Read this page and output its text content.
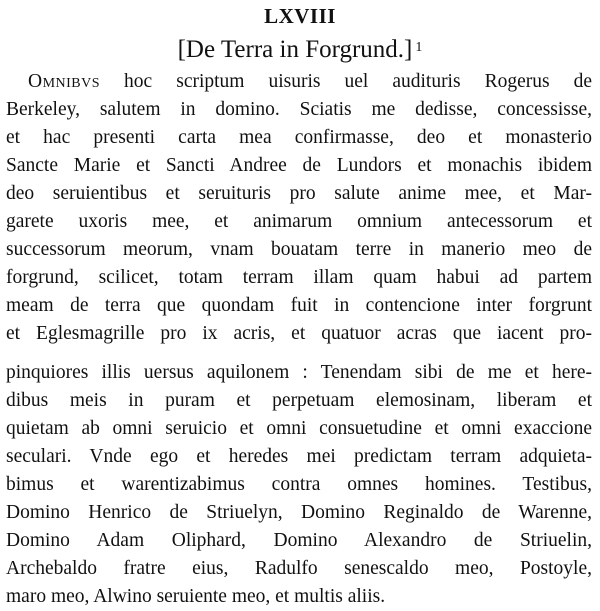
LXVIII
[De Terra in Forgrund.] $^1$
Omnibvs hoc scriptum uisuris uel audituris Rogerus de
Berkeley, salutem in domino. Sciatis me dedisse, concessisse,
et hac presenti carta mea confirmasse, deo et monasterio
Sancte Marie et Sancti Andree de Lundors et monachis ibidem
deo seruientibus et seruituris pro salute anime mee, et Mar-
garete uxoris mee, et animarum omnium antecessorum et
successorum meorum, vnam bouatam terre in manerio meo de
forgrund, scilicet, totam terram illam quam habui ad partem
meam de terra que quondam fuit in contencione inter forgrunt
et Eglesmagrille pro ix acris, et quatuor acras que iacent pro-
pinquiores illis uersus aquilonem : Tenendam sibi de me et here-
dibus meis in puram et perpetuam elemosinam, liberam et
quietam ab omni seruicio et omni consuetudine et omni exaccione
seculari. Vnde ego et heredes mei predictam terram adquieta-
bimus et warentizabimus contra omnes homines. Testibus,
Domino Henrico de Striuelyn, Domino Reginaldo de Warenne,
Domino Adam Oliphard, Domino Alexandro de Striuelin,
Archebaldo fratre eius, Radulfo senescaldo meo, Postoyle,
maro meo, Alwino seruiente meo, et multis aliis.
